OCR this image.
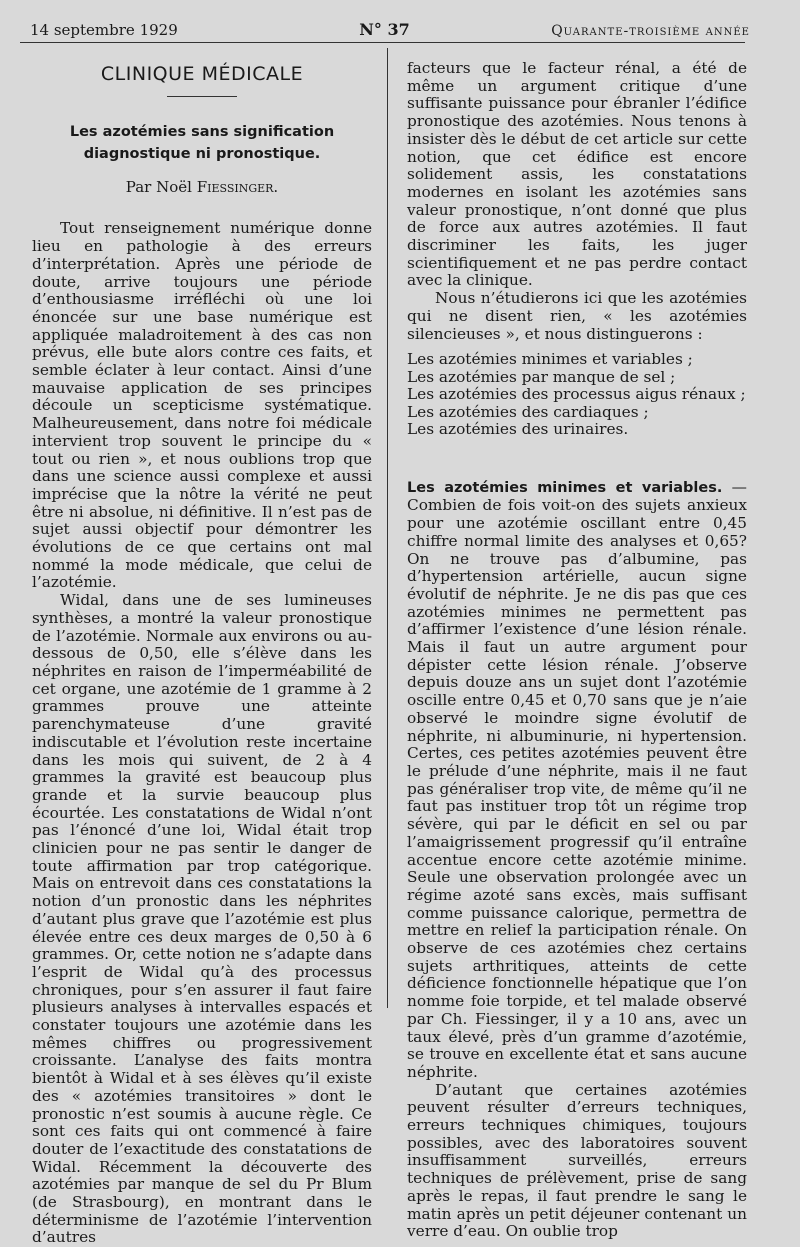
14 septembre 1929	N° 37	Quarante-troisième année
CLINIQUE MÉDICALE
Les azotémies sans signification diagnostique ni pronostique.
Par Noël Fiessinger.

Tout renseignement numérique donne lieu en pathologie à des erreurs d’interprétation. Après une période de doute, arrive toujours une période d’enthousiasme irréfléchi où une loi énoncée sur une base numérique est appliquée maladroitement à des cas non prévus, elle bute alors contre ces faits, et semble éclater à leur contact. Ainsi d’une mauvaise application de ses principes découle un scepticisme systématique. Malheureusement, dans notre foi médicale intervient trop souvent le principe du « tout ou rien », et nous oublions trop que dans une science aussi complexe et aussi imprécise que la nôtre la vérité ne peut être ni absolue, ni définitive. Il n’est pas de sujet aussi objectif pour démontrer les évolutions de ce que certains ont mal nommé la mode médicale, que celui de l’azotémie.

Widal, dans une de ses lumineuses synthèses, a montré la valeur pronostique de l’azotémie. Normale aux environs ou au-dessous de 0,50, elle s’élève dans les néphrites en raison de l’imperméabilité de cet organe, une azotémie de 1 gramme à 2 grammes prouve une atteinte parenchymateuse d’une gravité indiscutable et l’évolution reste incertaine dans les mois qui suivent, de 2 à 4 grammes la gravité est beaucoup plus grande et la survie beaucoup plus écourtée. Les constatations de Widal n’ont pas l’énoncé d’une loi, Widal était trop clinicien pour ne pas sentir le danger de toute affirmation par trop catégorique. Mais on entrevoit dans ces constatations la notion d’un pronostic dans les néphrites d’autant plus grave que l’azotémie est plus élevée entre ces deux marges de 0,50 à 6 grammes. Or, cette notion ne s’adapte dans l’esprit de Widal qu’à des processus chroniques, pour s’en assurer il faut faire plusieurs analyses à intervalles espacés et constater toujours une azotémie dans les mêmes chiffres ou progressivement croissante. L’analyse des faits montra bientôt à Widal et à ses élèves qu’il existe des « azotémies transitoires » dont le pronostic n’est soumis à aucune règle. Ce sont ces faits qui ont commencé à faire douter de l’exactitude des constatations de Widal. Récemment la découverte des azotémies par manque de sel du Pr Blum (de Strasbourg), en montrant dans le déterminisme de l’azotémie l’intervention d’autres

facteurs que le facteur rénal, a été de même un argument critique d’une suffisante puissance pour ébranler l’édifice pronostique des azotémies. Nous tenons à insister dès le début de cet article sur cette notion, que cet édifice est encore solidement assis, les constatations modernes en isolant les azotémies sans valeur pronostique, n’ont donné que plus de force aux autres azotémies. Il faut discriminer les faits, les juger scientifiquement et ne pas perdre contact avec la clinique.

Nous n’étudierons ici que les azotémies qui ne disent rien, « les azotémies silencieuses », et nous distinguerons :

Les azotémies minimes et variables ;
Les azotémies par manque de sel ;
Les azotémies des processus aigus rénaux ;
Les azotémies des cardiaques ;
Les azotémies des urinaires.

Les azotémies minimes et variables. — Combien de fois voit-on des sujets anxieux pour une azotémie oscillant entre 0,45 chiffre normal limite des analyses et 0,65? On ne trouve pas d’albumine, pas d’hypertension artérielle, aucun signe évolutif de néphrite. Je ne dis pas que ces azotémies minimes ne permettent pas d’affirmer l’existence d’une lésion rénale. Mais il faut un autre argument pour dépister cette lésion rénale. J’observe depuis douze ans un sujet dont l’azotémie oscille entre 0,45 et 0,70 sans que je n’aie observé le moindre signe évolutif de néphrite, ni albuminurie, ni hypertension. Certes, ces petites azotémies peuvent être le prélude d’une néphrite, mais il ne faut pas généraliser trop vite, de même qu’il ne faut pas instituer trop tôt un régime trop sévère, qui par le déficit en sel ou par l’amaigrissement progressif qu’il entraîne accentue encore cette azotémie minime. Seule une observation prolongée avec un régime azoté sans excès, mais suffisant comme puissance calorique, permettra de mettre en relief la participation rénale. On observe de ces azotémies chez certains sujets arthritiques, atteints de cette déficience fonctionnelle hépatique que l’on nomme foie torpide, et tel malade observé par Ch. Fiessinger, il y a 10 ans, avec un taux élevé, près d’un gramme d’azotémie, se trouve en excellente état et sans aucune néphrite.

D’autant que certaines azotémies peuvent résulter d’erreurs techniques, erreurs techniques chimiques, toujours possibles, avec des laboratoires souvent insuffisamment surveillés, erreurs techniques de prélèvement, prise de sang après le repas, il faut prendre le sang le matin après un petit déjeuner contenant un verre d’eau. On oublie trop
